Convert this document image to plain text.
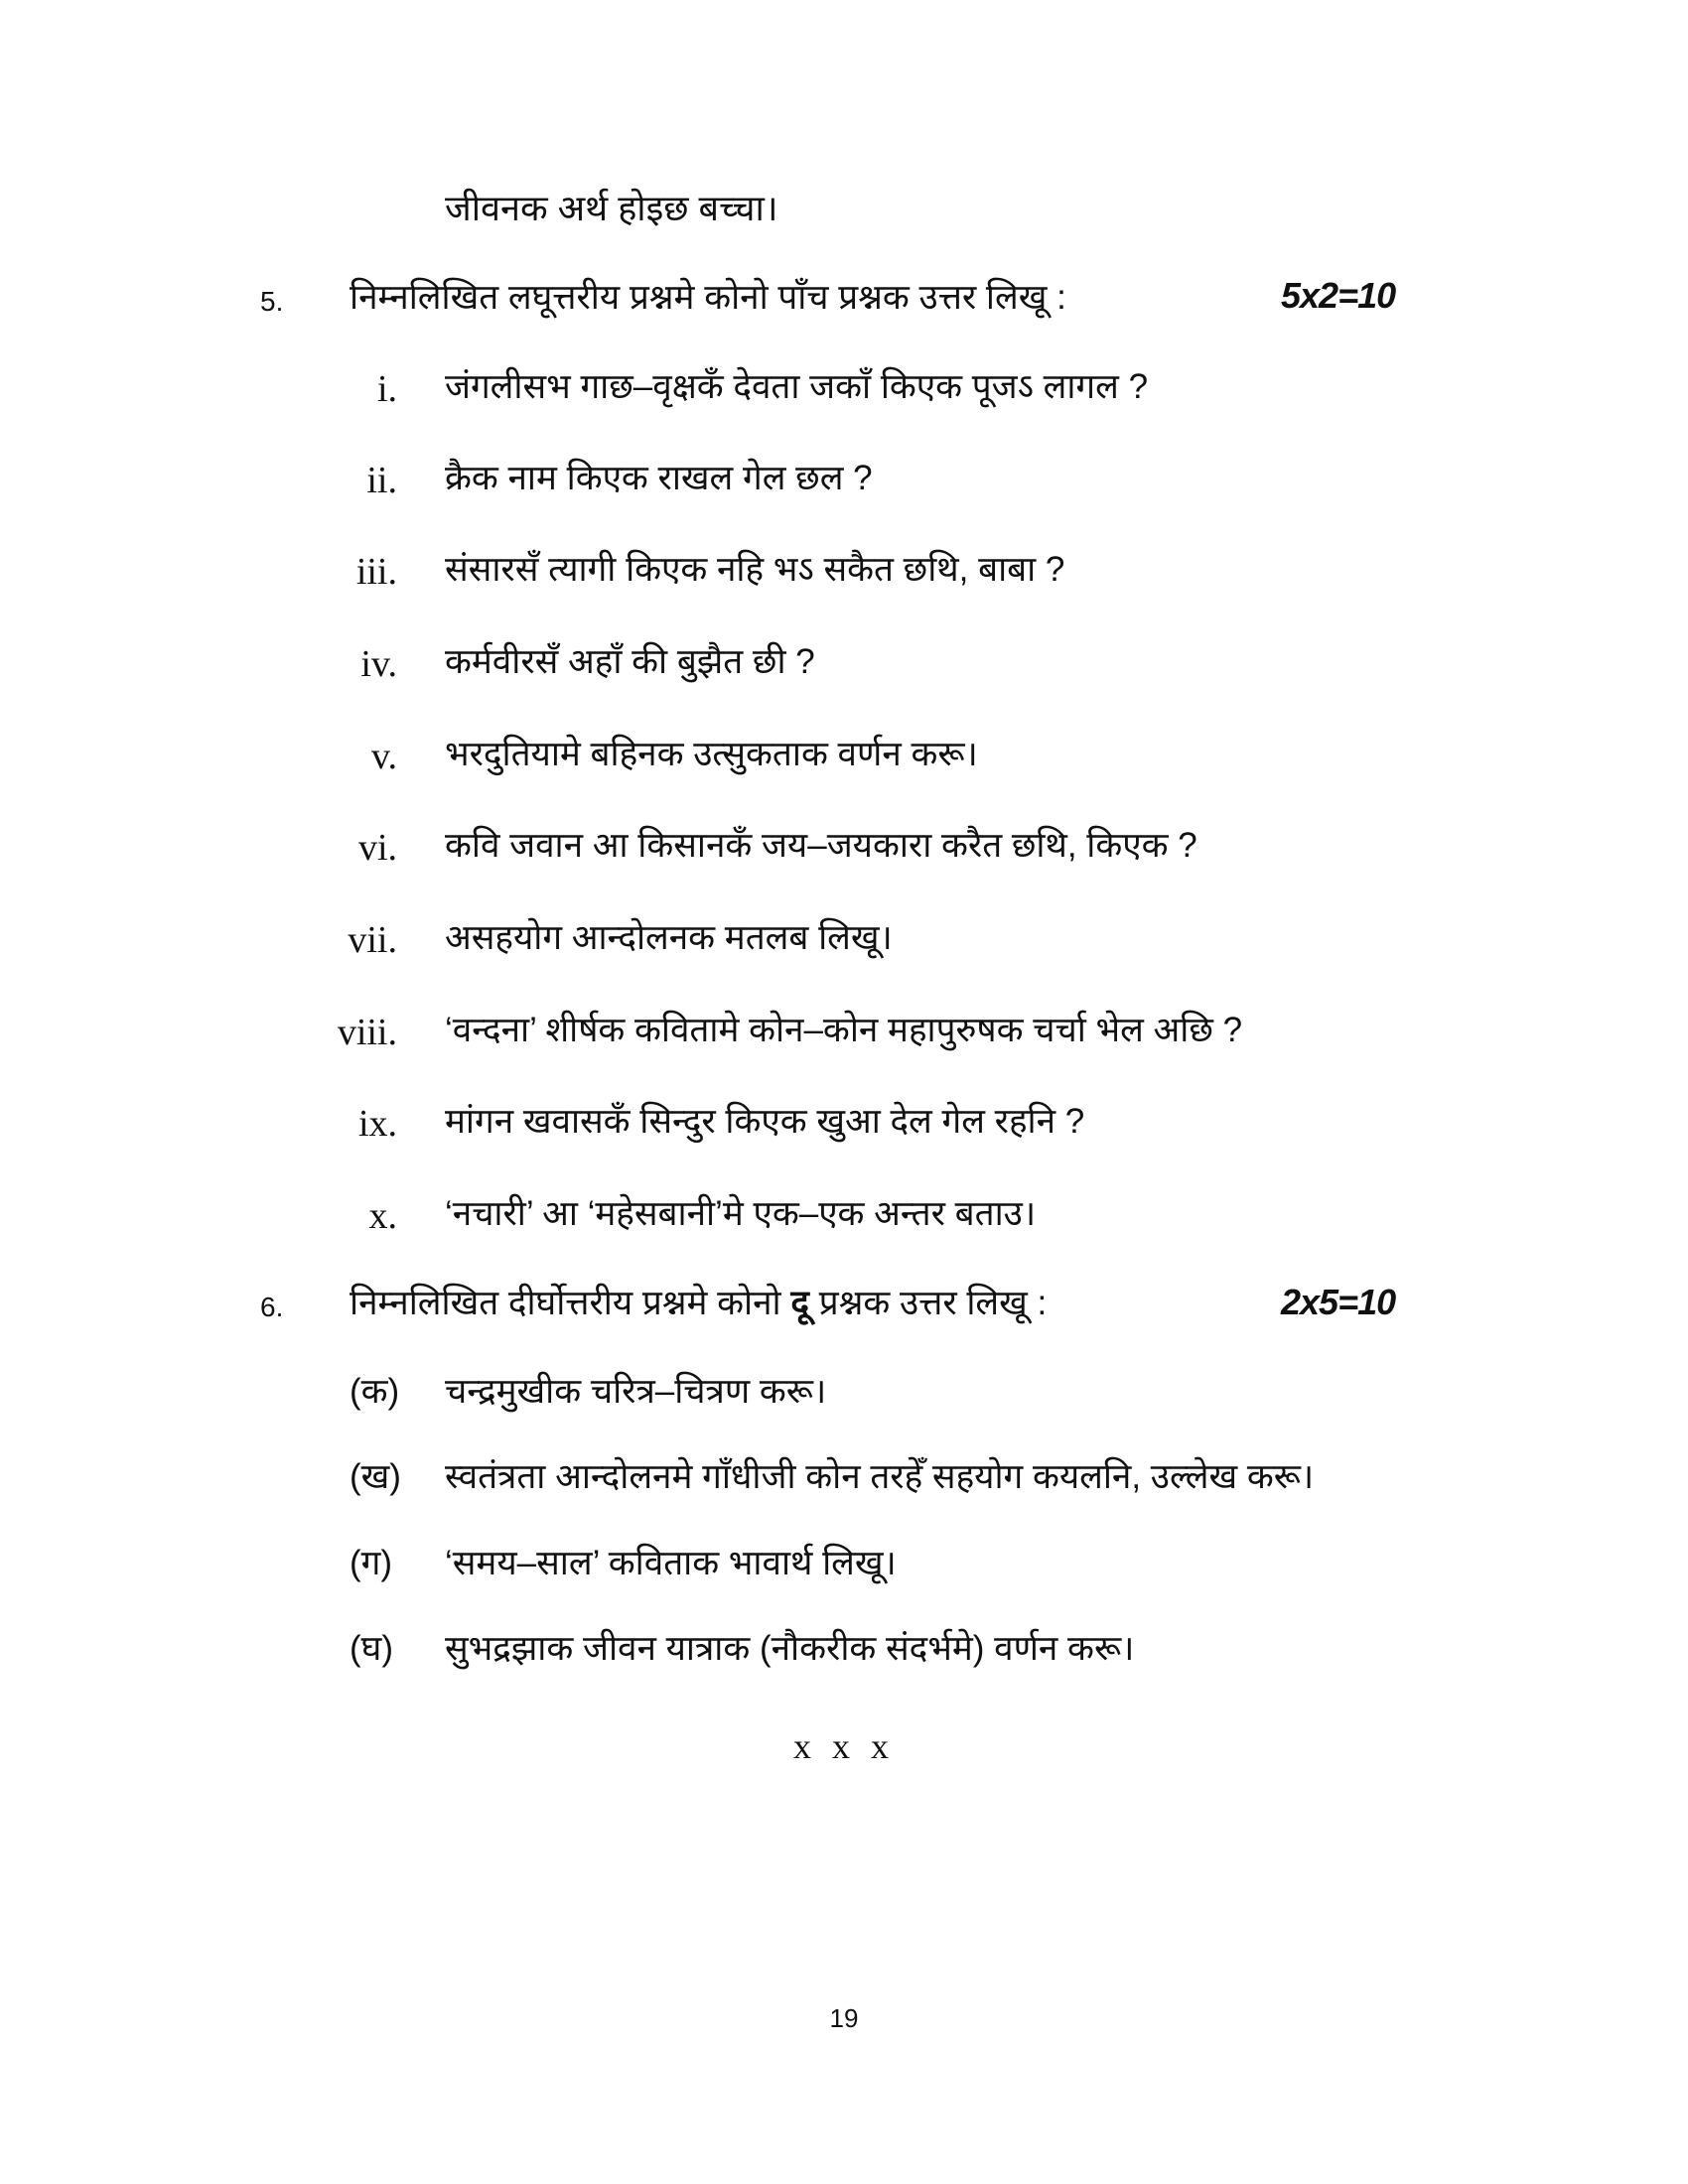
जीवनक अर्थ होइछ बच्चा।
5. निम्नलिखित लघूत्तरीय प्रश्नमे कोनो पाँच प्रश्नक उत्तर लिखू :	5x2=10
i. जंगलीसभ गाछ–वृक्षकँ देवता जकाँ किएक पूजऽ लागल ?
ii. क्रैक नाम किएक राखल गेल छल ?
iii. संसारसँ त्यागी किएक नहि भऽ सकैत छथि, बाबा ?
iv. कर्मवीरसँ अहाँ की बुझैत छी ?
v. भरदुतियामे बहिनक उत्सुकताक वर्णन करू।
vi. कवि जवान आ किसानकँ जय–जयकारा करैत छथि, किएक ?
vii. असहयोग आन्दोलनक मतलब लिखू।
viii. ‘वन्दना’ शीर्षक कवितामे कोन–कोन महापुरुषक चर्चा भेल अछि ?
ix. मांगन खवासकँ सिन्दुर किएक खुआ देल गेल रहनि ?
x. ‘नचारी’ आ ‘महेसबानी’मे एक–एक अन्तर बताउ।
6. निम्नलिखित दीर्घोत्तरीय प्रश्नमे कोनो दू प्रश्नक उत्तर लिखू :	2x5=10
(क) चन्द्रमुखीक चरित्र–चित्रण करू।
(ख) स्वतंत्रता आन्दोलनमे गाँधीजी कोन तरहेँ सहयोग कयलनि, उल्लेख करू।
(ग) ‘समय–साल’ कविताक भावार्थ लिखू।
(घ) सुभद्रझाक जीवन यात्राक (नौकरीक संदर्भमे) वर्णन करू।
x x x
19
